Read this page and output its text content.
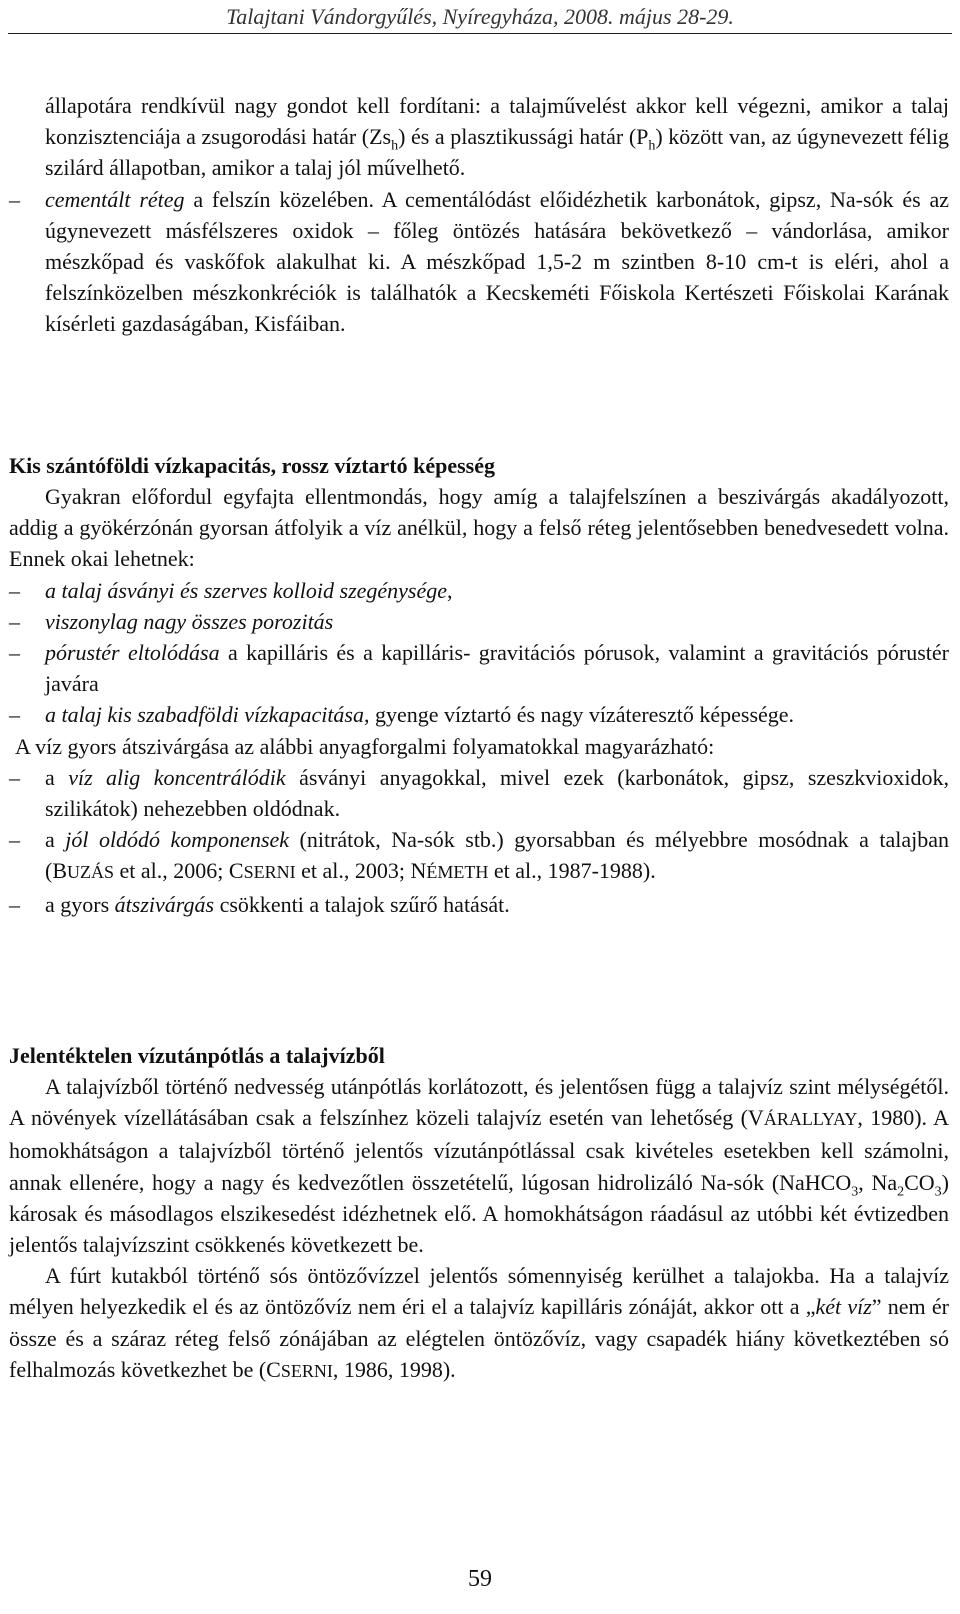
Talajtani Vándorgyűlés, Nyíregyháza, 2008. május 28-29.

állapotára rendkívül nagy gondot kell fordítani: a talajművelést akkor kell végezni, amikor a talaj konzisztenciája a zsugorodási határ $(Zs_h)$ és a plasztikussági határ $(P_h)$ között van, az úgynevezett félig szilárd állapotban, amikor a talaj jól művelhető.

– cementált réteg a felszín közelében. A cementálódást előidézhetik karbonátok, gipsz, Na-sók és az úgynevezett másfélszeres oxidok – főleg öntözés hatására bekövetkező – vándorlása, amikor mészkőpad és vaskőfok alakulhat ki. A mészkőpad 1,5-2 m szintben 8-10 cm-t is eléri, ahol a felszínközelben mészkonkréciók is találhatók a Kecskeméti Főiskola Kertészeti Főiskolai Karának kísérleti gazdaságában, Kisfáiban.

Kis szántóföldi vízkapacitás, rossz víztartó képesség

Gyakran előfordul egyfajta ellentmondás, hogy amíg a talajfelszínen a beszivárgás akadályozott, addig a gyökérzónán gyorsan átfolyik a víz anélkül, hogy a felső réteg jelentősebben benedvesedett volna. Ennek okai lehetnek:

– a talaj ásványi és szerves kolloid szegénysége,

– viszonylag nagy összes porozitás

– pórustér eltolódása a kapilláris és a kapilláris- gravitációs pórusok, valamint a gravitációs pórustér javára

– a talaj kis szabadföldi vízkapacitása, gyenge víztartó és nagy vízáteresztő képessége.

A víz gyors átszivárgása az alábbi anyagforgalmi folyamatokkal magyarázható:

– a víz alig koncentrálódik ásványi anyagokkal, mivel ezek (karbonátok, gipsz, szeszkvioxidok, szilikátok) nehezebben oldódnak.

– a jól oldódó komponensek (nitrátok, Na-sók stb.) gyorsabban és mélyebbre mosódnak a talajban (BUZÁS et al., 2006; CSERNI et al., 2003; NÉMETH et al., 1987-1988).

– a gyors átszivárgás csökkenti a talajok szűrő hatását.

Jelentéktelen vízutánpótlás a talajvízből

A talajvízből történő nedvesség utánpótlás korlátozott, és jelentősen függ a talajvíz szint mélységétől. A növények vízellátásában csak a felszínhez közeli talajvíz esetén van lehetőség (VÁRALLYAY, 1980). A homokhátságon a talajvízből történő jelentős vízutánpótlással csak kivételes esetekben kell számolni, annak ellenére, hogy a nagy és kedvezőtlen összetételű, lúgosan hidrolizáló Na-sók (NaHCO$_3$, $Na_2CO_3$) károsak és másodlagos elszikesedést idézhetnek elő. A homokhátságon ráadásul az utóbbi két évtizedben jelentős talajvízszint csökkenés következett be.

A fúrt kutakból történő sós öntözővízzel jelentős sómennyiség kerülhet a talajokba. Ha a talajvíz mélyen helyezkedik el és az öntözővíz nem éri el a talajvíz kapilláris zónáját, akkor ott a „két víz” nem ér össze és a száraz réteg felső zónájában az elégtelen öntözővíz, vagy csapadék hiány következtében só felhalmozás következhet be (CSERNI, 1986, 1998).

59
